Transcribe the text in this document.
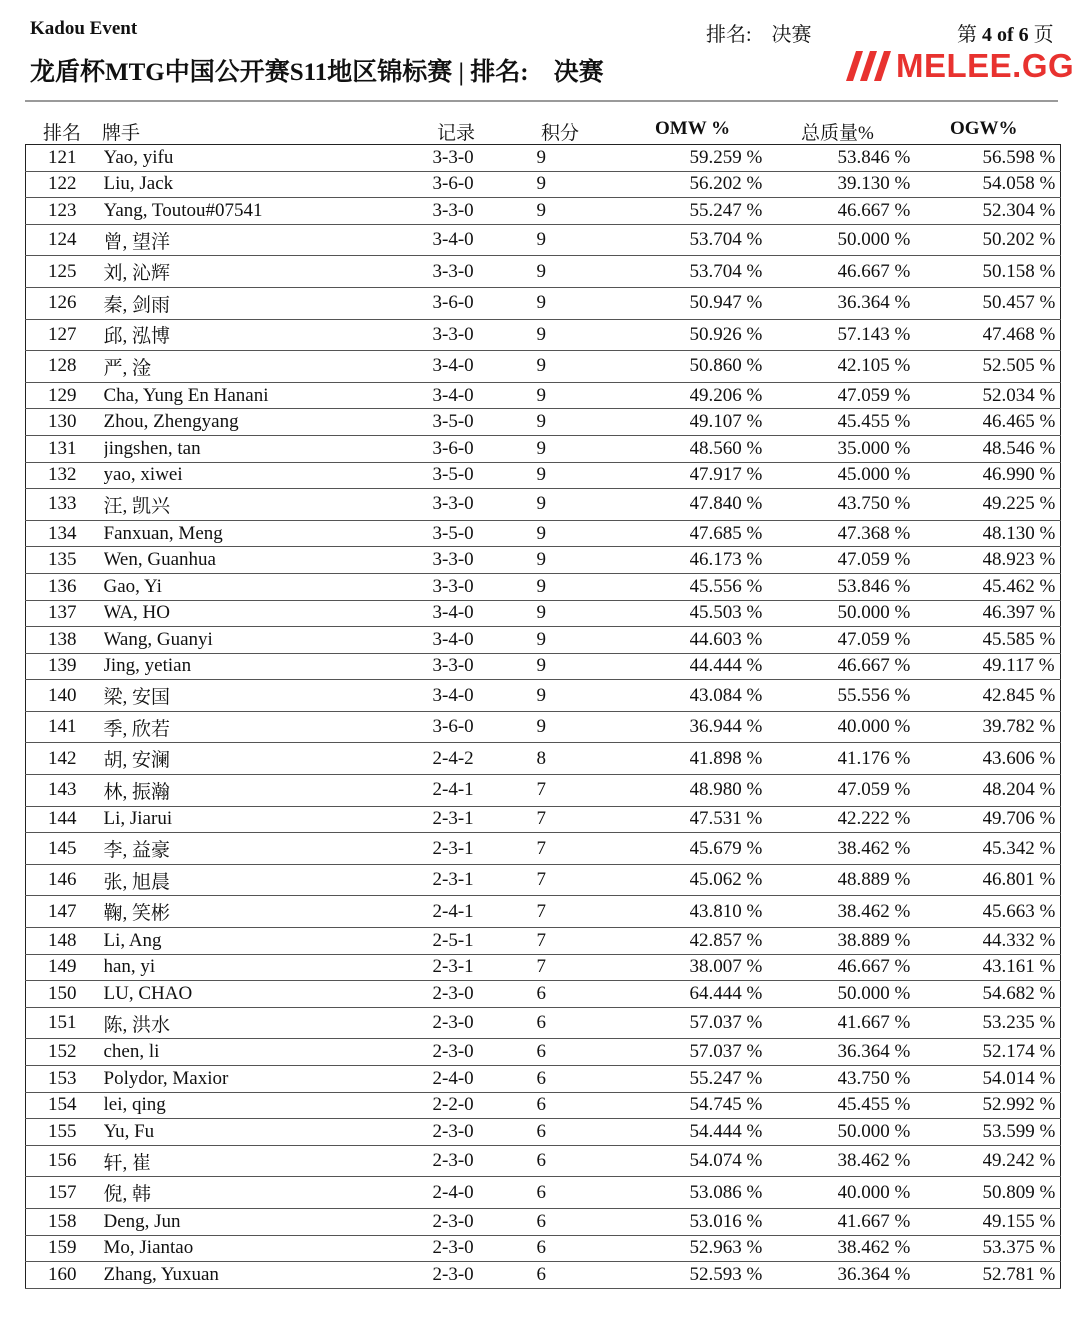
Kadou Event
龙盾杯MTG中国公开赛S11地区锦标赛 | 排名:　决赛
排名:　决赛	第 4 of 6 页
MELEE.GG
排名 牌手	记录	积分	OMW %	总质量%	OGW%
121	Yao, yifu	3-3-0	9	59.259 %	53.846 %	56.598 %
122	Liu, Jack	3-6-0	9	56.202 %	39.130 %	54.058 %
123	Yang, Toutou#07541	3-3-0	9	55.247 %	46.667 %	52.304 %
124	曾, 望洋	3-4-0	9	53.704 %	50.000 %	50.202 %
125	刘, 沁辉	3-3-0	9	53.704 %	46.667 %	50.158 %
126	秦, 剑雨	3-6-0	9	50.947 %	36.364 %	50.457 %
127	邱, 泓博	3-3-0	9	50.926 %	57.143 %	47.468 %
128	严, 淦	3-4-0	9	50.860 %	42.105 %	52.505 %
129	Cha, Yung En Hanani	3-4-0	9	49.206 %	47.059 %	52.034 %
130	Zhou, Zhengyang	3-5-0	9	49.107 %	45.455 %	46.465 %
131	jingshen, tan	3-6-0	9	48.560 %	35.000 %	48.546 %
132	yao, xiwei	3-5-0	9	47.917 %	45.000 %	46.990 %
133	汪, 凯兴	3-3-0	9	47.840 %	43.750 %	49.225 %
134	Fanxuan, Meng	3-5-0	9	47.685 %	47.368 %	48.130 %
135	Wen, Guanhua	3-3-0	9	46.173 %	47.059 %	48.923 %
136	Gao, Yi	3-3-0	9	45.556 %	53.846 %	45.462 %
137	WA, HO	3-4-0	9	45.503 %	50.000 %	46.397 %
138	Wang, Guanyi	3-4-0	9	44.603 %	47.059 %	45.585 %
139	Jing, yetian	3-3-0	9	44.444 %	46.667 %	49.117 %
140	梁, 安国	3-4-0	9	43.084 %	55.556 %	42.845 %
141	季, 欣若	3-6-0	9	36.944 %	40.000 %	39.782 %
142	胡, 安澜	2-4-2	8	41.898 %	41.176 %	43.606 %
143	林, 振瀚	2-4-1	7	48.980 %	47.059 %	48.204 %
144	Li, Jiarui	2-3-1	7	47.531 %	42.222 %	49.706 %
145	李, 益豪	2-3-1	7	45.679 %	38.462 %	45.342 %
146	张, 旭晨	2-3-1	7	45.062 %	48.889 %	46.801 %
147	鞠, 笑彬	2-4-1	7	43.810 %	38.462 %	45.663 %
148	Li, Ang	2-5-1	7	42.857 %	38.889 %	44.332 %
149	han, yi	2-3-1	7	38.007 %	46.667 %	43.161 %
150	LU, CHAO	2-3-0	6	64.444 %	50.000 %	54.682 %
151	陈, 洪水	2-3-0	6	57.037 %	41.667 %	53.235 %
152	chen, li	2-3-0	6	57.037 %	36.364 %	52.174 %
153	Polydor, Maxior	2-4-0	6	55.247 %	43.750 %	54.014 %
154	lei, qing	2-2-0	6	54.745 %	45.455 %	52.992 %
155	Yu, Fu	2-3-0	6	54.444 %	50.000 %	53.599 %
156	轩, 崔	2-3-0	6	54.074 %	38.462 %	49.242 %
157	倪, 韩	2-4-0	6	53.086 %	40.000 %	50.809 %
158	Deng, Jun	2-3-0	6	53.016 %	41.667 %	49.155 %
159	Mo, Jiantao	2-3-0	6	52.963 %	38.462 %	53.375 %
160	Zhang, Yuxuan	2-3-0	6	52.593 %	36.364 %	52.781 %
